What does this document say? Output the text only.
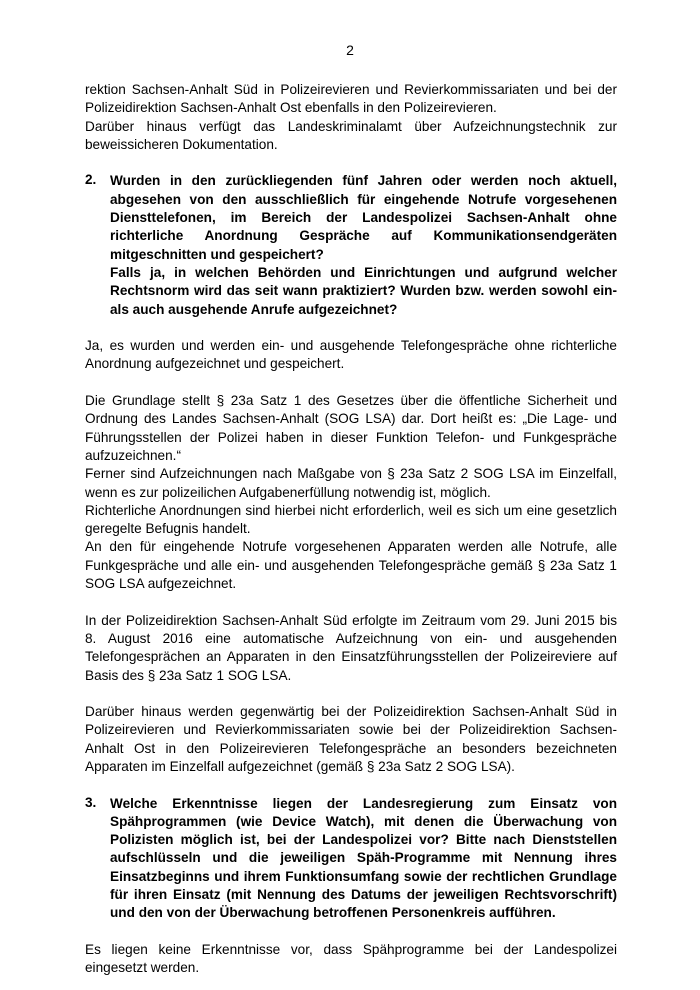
2

rektion Sachsen-Anhalt Süd in Polizeirevieren und Revierkommissariaten und bei der Polizeidirektion Sachsen-Anhalt Ost ebenfalls in den Polizeirevieren.

Darüber hinaus verfügt das Landeskriminalamt über Aufzeichnungstechnik zur beweissicheren Dokumentation.

2.	Wurden in den zurückliegenden fünf Jahren oder werden noch aktuell, abgesehen von den ausschließlich für eingehende Notrufe vorgesehenen Diensttelefonen, im Bereich der Landespolizei Sachsen-Anhalt ohne richterliche Anordnung Gespräche auf Kommunikationsendgeräten mitgeschnitten und gespeichert?

Falls ja, in welchen Behörden und Einrichtungen und aufgrund welcher Rechtsnorm wird das seit wann praktiziert? Wurden bzw. werden sowohl ein- als auch ausgehende Anrufe aufgezeichnet?

Ja, es wurden und werden ein- und ausgehende Telefongespräche ohne richterliche Anordnung aufgezeichnet und gespeichert.

Die Grundlage stellt § 23a Satz 1 des Gesetzes über die öffentliche Sicherheit und Ordnung des Landes Sachsen-Anhalt (SOG LSA) dar. Dort heißt es: „Die Lage- und Führungsstellen der Polizei haben in dieser Funktion Telefon- und Funkgespräche aufzuzeichnen.“

Ferner sind Aufzeichnungen nach Maßgabe von § 23a Satz 2 SOG LSA im Einzelfall, wenn es zur polizeilichen Aufgabenerfüllung notwendig ist, möglich.

Richterliche Anordnungen sind hierbei nicht erforderlich, weil es sich um eine gesetzlich geregelte Befugnis handelt.

An den für eingehende Notrufe vorgesehenen Apparaten werden alle Notrufe, alle Funkgespräche und alle ein- und ausgehenden Telefongespräche gemäß § 23a Satz 1 SOG LSA aufgezeichnet.

In der Polizeidirektion Sachsen-Anhalt Süd erfolgte im Zeitraum vom 29. Juni 2015 bis 8. August 2016 eine automatische Aufzeichnung von ein- und ausgehenden Telefongesprächen an Apparaten in den Einsatzführungsstellen der Polizeireviere auf Basis des § 23a Satz 1 SOG LSA.

Darüber hinaus werden gegenwärtig bei der Polizeidirektion Sachsen-Anhalt Süd in Polizeirevieren und Revierkommissariaten sowie bei der Polizeidirektion Sachsen-Anhalt Ost in den Polizeirevieren Telefongespräche an besonders bezeichneten Apparaten im Einzelfall aufgezeichnet (gemäß § 23a Satz 2 SOG LSA).

3.	Welche Erkenntnisse liegen der Landesregierung zum Einsatz von Spähprogrammen (wie Device Watch), mit denen die Überwachung von Polizisten möglich ist, bei der Landespolizei vor? Bitte nach Dienststellen aufschlüsseln und die jeweiligen Späh-Programme mit Nennung ihres Einsatzbeginns und ihrem Funktionsumfang sowie der rechtlichen Grundlage für ihren Einsatz (mit Nennung des Datums der jeweiligen Rechtsvorschrift) und den von der Überwachung betroffenen Personenkreis aufführen.

Es liegen keine Erkenntnisse vor, dass Spähprogramme bei der Landespolizei eingesetzt werden.
